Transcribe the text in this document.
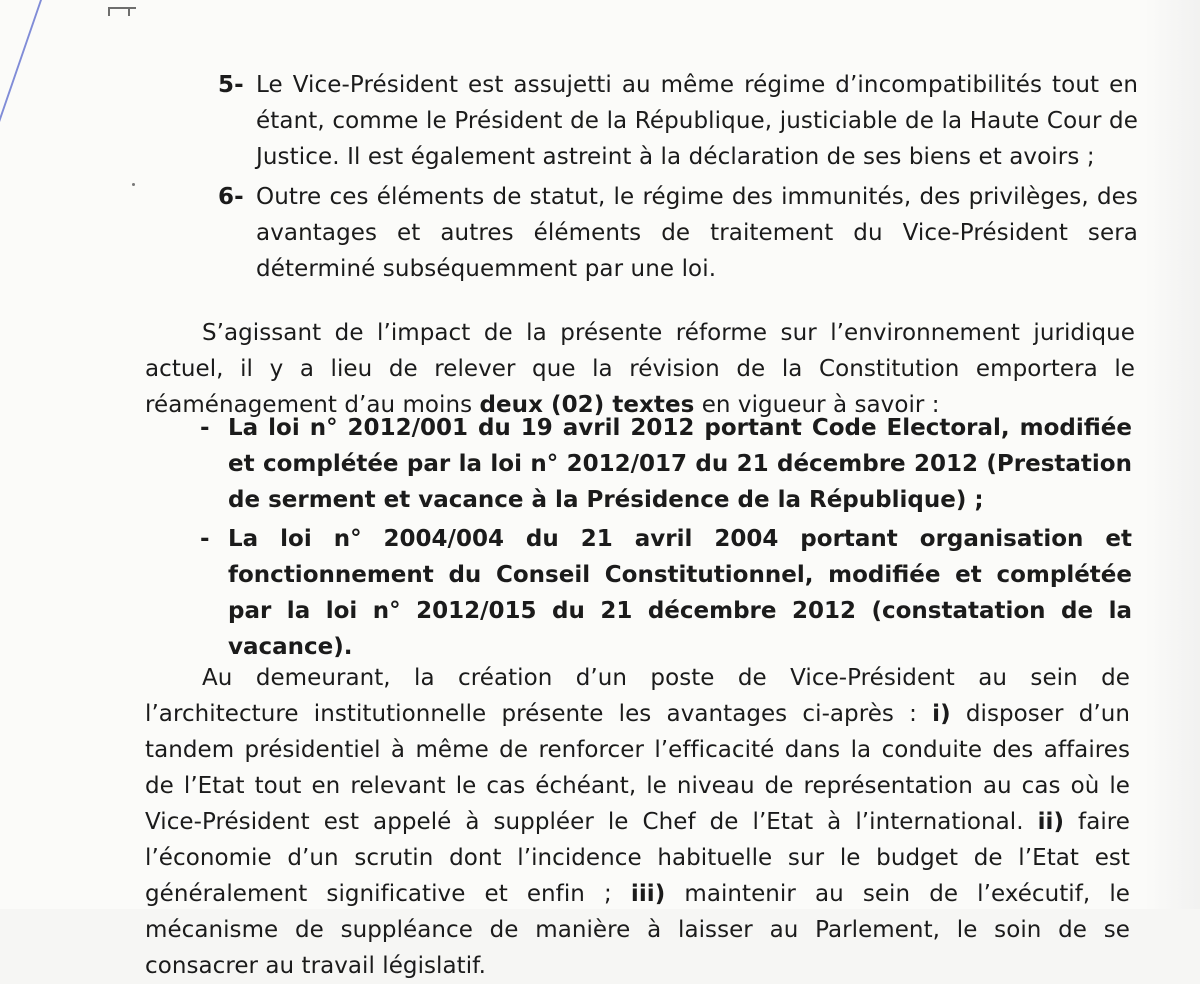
5- Le Vice-Président est assujetti au même régime d’incompatibilités tout en étant, comme le Président de la République, justiciable de la Haute Cour de Justice. Il est également astreint à la déclaration de ses biens et avoirs ;
6- Outre ces éléments de statut, le régime des immunités, des privilèges, des avantages et autres éléments de traitement du Vice-Président sera déterminé subséquemment par une loi.

S’agissant de l’impact de la présente réforme sur l’environnement juridique actuel, il y a lieu de relever que la révision de la Constitution emportera le réaménagement d’au moins deux (02) textes en vigueur à savoir :

- La loi n° 2012/001 du 19 avril 2012 portant Code Electoral, modifiée et complétée par la loi n° 2012/017 du 21 décembre 2012 (Prestation de serment et vacance à la Présidence de la République) ;
- La loi n° 2004/004 du 21 avril 2004 portant organisation et fonctionnement du Conseil Constitutionnel, modifiée et complétée par la loi n° 2012/015 du 21 décembre 2012 (constatation de la vacance).

Au demeurant, la création d’un poste de Vice-Président au sein de l’architecture institutionnelle présente les avantages ci-après : i) disposer d’un tandem présidentiel à même de renforcer l’efficacité dans la conduite des affaires de l’Etat tout en relevant le cas échéant, le niveau de représentation au cas où le Vice-Président est appelé à suppléer le Chef de l’Etat à l’international. ii) faire l’économie d’un scrutin dont l’incidence habituelle sur le budget de l’Etat est généralement significative et enfin ; iii) maintenir au sein de l’exécutif, le mécanisme de suppléance de manière à laisser au Parlement, le soin de se consacrer au travail législatif.
